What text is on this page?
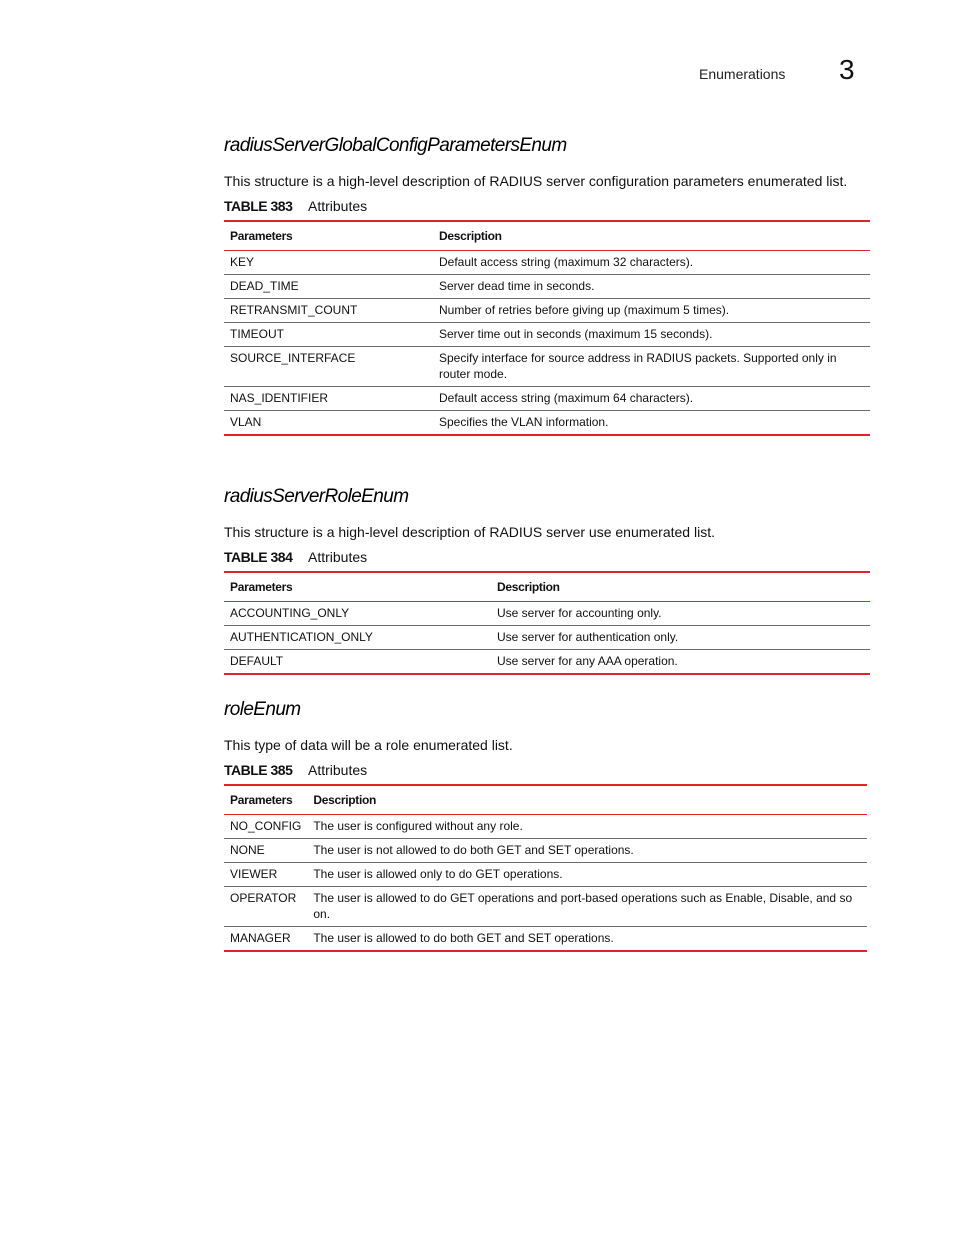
Enumerations 3
radiusServerGlobalConfigParametersEnum

This structure is a high-level description of RADIUS server configuration parameters enumerated list.

TABLE 383 Attributes
Parameters	Description
KEY	Default access string (maximum 32 characters).
DEAD_TIME	Server dead time in seconds.
RETRANSMIT_COUNT	Number of retries before giving up (maximum 5 times).
TIMEOUT	Server time out in seconds (maximum 15 seconds).
SOURCE_INTERFACE	Specify interface for source address in RADIUS packets. Supported only in router mode.
NAS_IDENTIFIER	Default access string (maximum 64 characters).
VLAN	Specifies the VLAN information.
radiusServerRoleEnum

This structure is a high-level description of RADIUS server use enumerated list.

TABLE 384 Attributes
Parameters	Description
ACCOUNTING_ONLY	Use server for accounting only.
AUTHENTICATION_ONLY	Use server for authentication only.
DEFAULT	Use server for any AAA operation.
roleEnum

This type of data will be a role enumerated list.

TABLE 385 Attributes
Parameters	Description
NO_CONFIG	The user is configured without any role.
NONE	The user is not allowed to do both GET and SET operations.
VIEWER	The user is allowed only to do GET operations.
OPERATOR	The user is allowed to do GET operations and port-based operations such as Enable, Disable, and so on.
MANAGER	The user is allowed to do both GET and SET operations.
